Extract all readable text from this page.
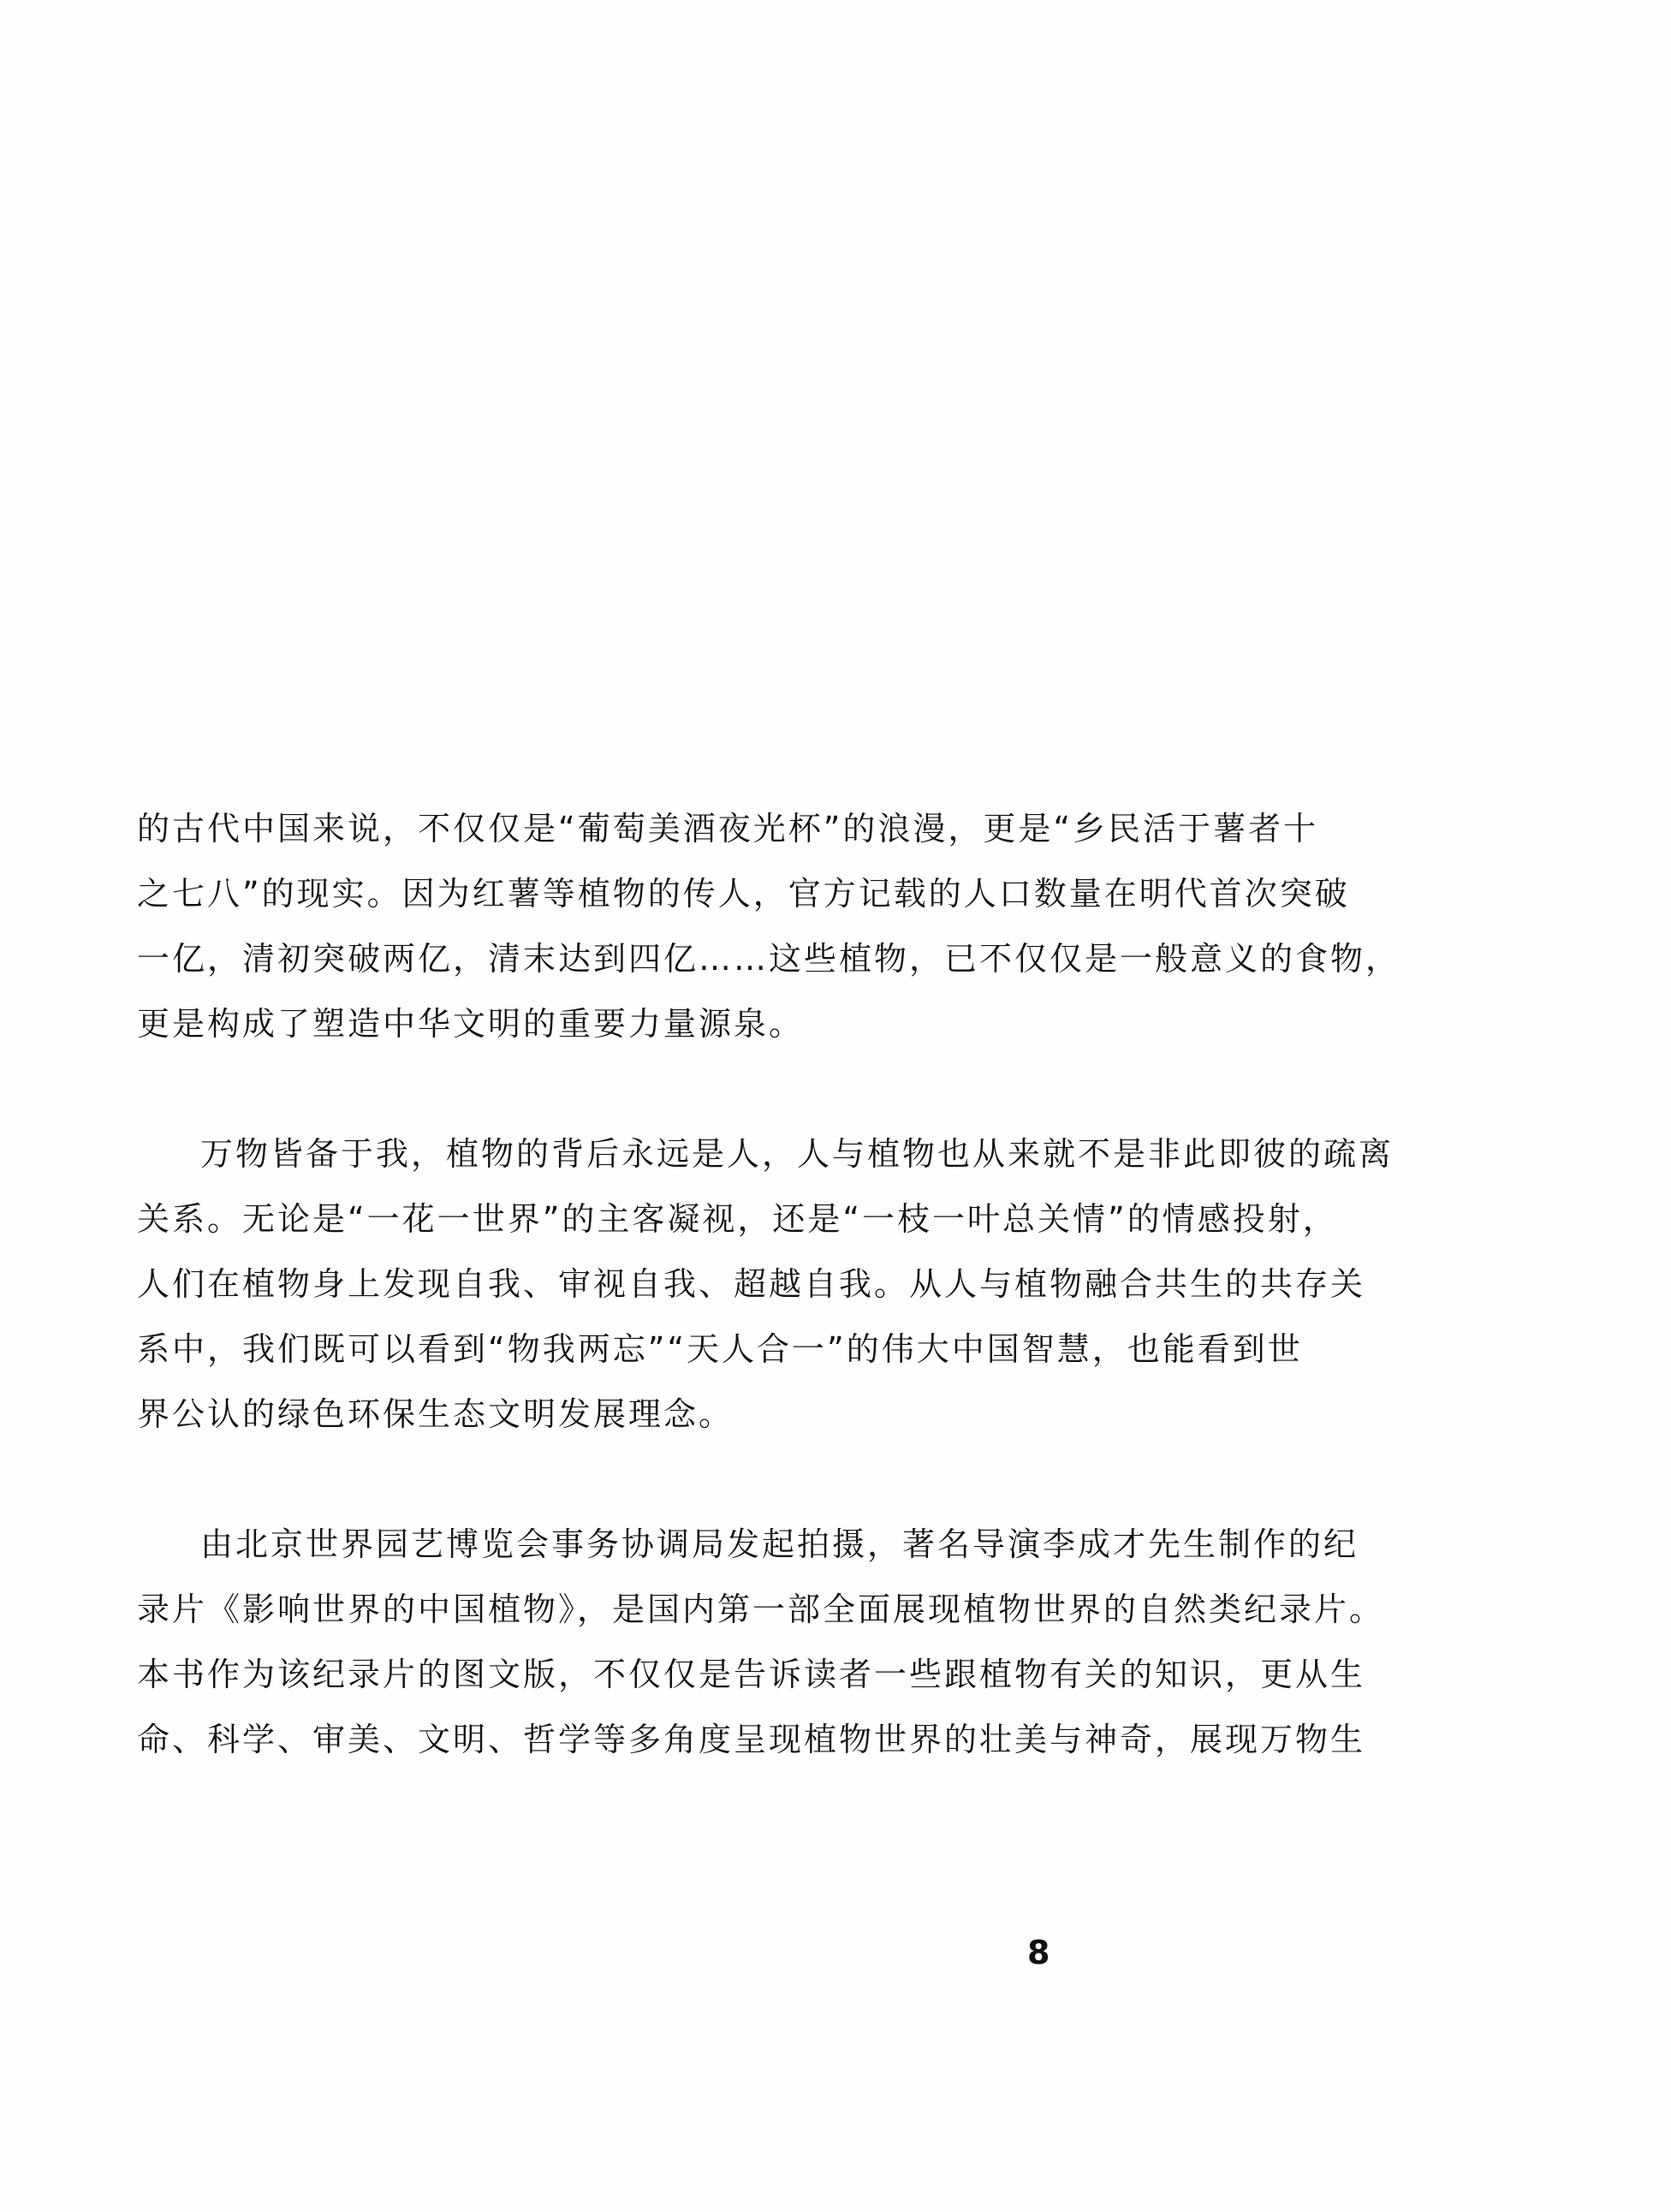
的古代中国来说，不仅仅是“葡萄美酒夜光杯”的浪漫，更是“乡民活于薯者十
之七八”的现实。因为红薯等植物的传人，官方记载的人口数量在明代首次突破
一亿，清初突破两亿，清末达到四亿……这些植物，已不仅仅是一般意义的食物，
更是构成了塑造中华文明的重要力量源泉。
万物皆备于我，植物的背后永远是人，人与植物也从来就不是非此即彼的疏离
关系。无论是“一花一世界”的主客凝视，还是“一枝一叶总关情”的情感投射，
人们在植物身上发现自我、审视自我、超越自我。从人与植物融合共生的共存关
系中，我们既可以看到“物我两忘”“天人合一”的伟大中国智慧，也能看到世
界公认的绿色环保生态文明发展理念。
由北京世界园艺博览会事务协调局发起拍摄，著名导演李成才先生制作的纪
录片《影响世界的中国植物》，是国内第一部全面展现植物世界的自然类纪录片。
本书作为该纪录片的图文版，不仅仅是告诉读者一些跟植物有关的知识，更从生
命、科学、审美、文明、哲学等多角度呈现植物世界的壮美与神奇，展现万物生
8
